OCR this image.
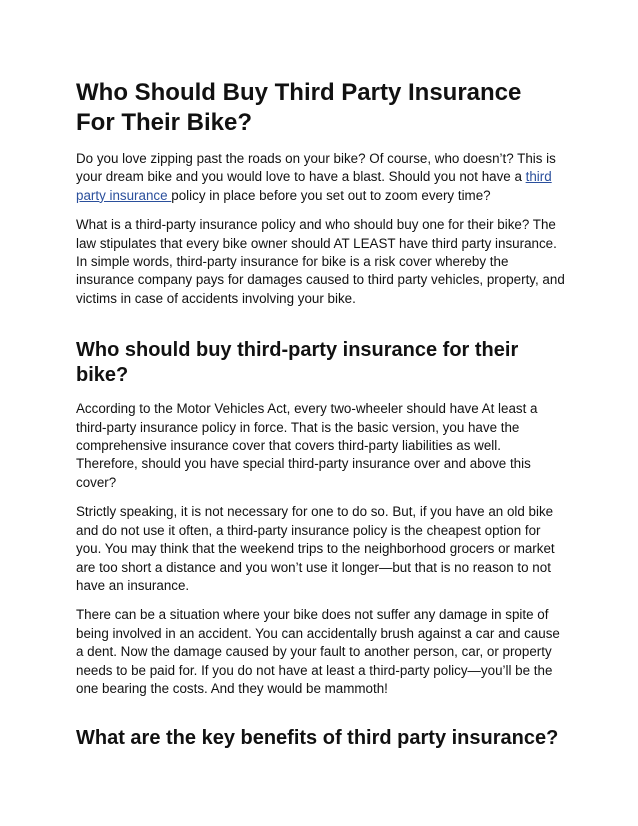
Who Should Buy Third Party Insurance For Their Bike?

Do you love zipping past the roads on your bike? Of course, who doesn’t? This is your dream bike and you would love to have a blast. Should you not have a third party insurance policy in place before you set out to zoom every time?

What is a third-party insurance policy and who should buy one for their bike? The law stipulates that every bike owner should AT LEAST have third party insurance. In simple words, third-party insurance for bike is a risk cover whereby the insurance company pays for damages caused to third party vehicles, property, and victims in case of accidents involving your bike.

Who should buy third-party insurance for their bike?

According to the Motor Vehicles Act, every two-wheeler should have At least a third-party insurance policy in force. That is the basic version, you have the comprehensive insurance cover that covers third-party liabilities as well. Therefore, should you have special third-party insurance over and above this cover?

Strictly speaking, it is not necessary for one to do so. But, if you have an old bike and do not use it often, a third-party insurance policy is the cheapest option for you. You may think that the weekend trips to the neighborhood grocers or market are too short a distance and you won’t use it longer—but that is no reason to not have an insurance.

There can be a situation where your bike does not suffer any damage in spite of being involved in an accident. You can accidentally brush against a car and cause a dent. Now the damage caused by your fault to another person, car, or property needs to be paid for. If you do not have at least a third-party policy—you’ll be the one bearing the costs. And they would be mammoth!

What are the key benefits of third party insurance?
